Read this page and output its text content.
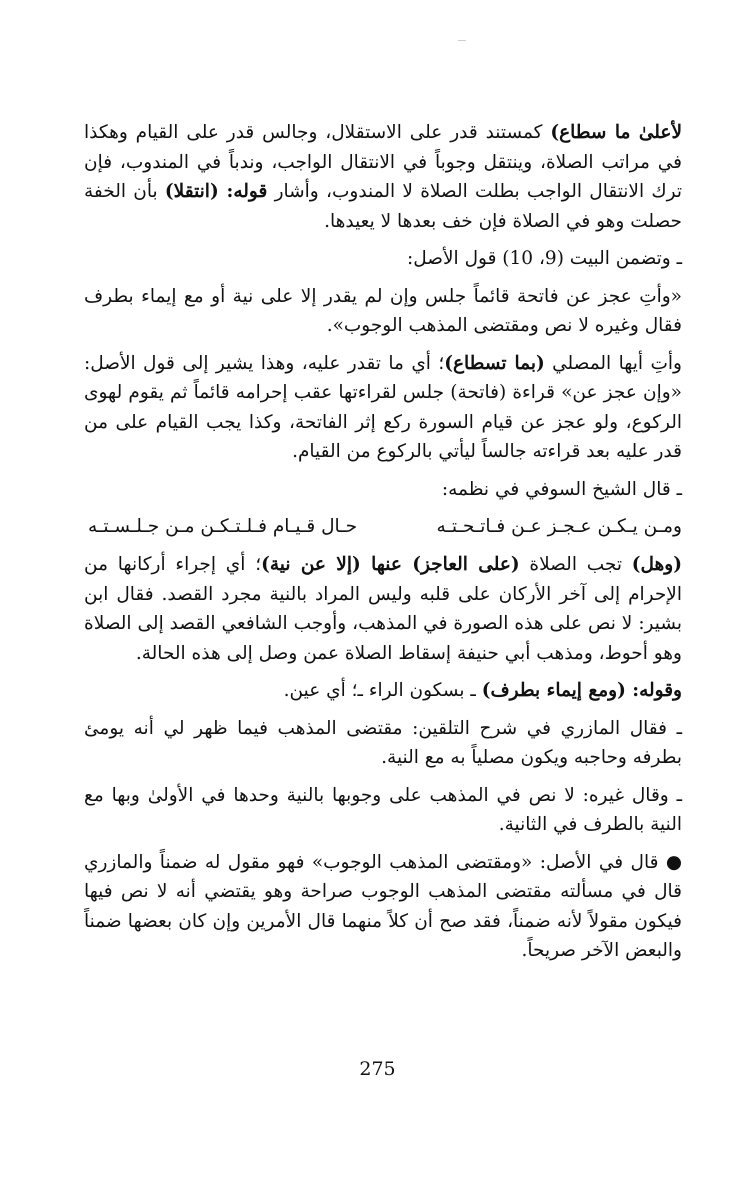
لأعلىٰ ما سطاع) كمستند قدر على الاستقلال، وجالس قدر على القيام وهكذا في مراتب الصلاة، وينتقل وجوباً في الانتقال الواجب، وندباً في المندوب، فإن ترك الانتقال الواجب بطلت الصلاة لا المندوب، وأشار قوله: (انتقلا) بأن الخفة حصلت وهو في الصلاة فإن خف بعدها لا يعيدها.

ـ وتضمن البيت (9، 10) قول الأصل:

«وأتِ عجز عن فاتحة قائماً جلس وإن لم يقدر إلا على نية أو مع إيماء بطرف فقال وغيره لا نص ومقتضى المذهب الوجوب».

وأتِ أيها المصلي (بما تسطاع)؛ أي ما تقدر عليه، وهذا يشير إلى قول الأصل: «وإن عجز عن» قراءة (فاتحة) جلس لقراءتها عقب إحرامه قائماً ثم يقوم لهوى الركوع، ولو عجز عن قيام السورة ركع إثر الفاتحة، وكذا يجب القيام على من قدر عليه بعد قراءته جالساً ليأتي بالركوع من القيام.

ـ قال الشيخ السوفي في نظمه:

ومـن يـكـن عـجـز عـن فـاتـحـتـه
حـال قـيـام فـلـتـكـن مـن جـلـسـتـه

(وهل) تجب الصلاة (على العاجز) عنها (إلا عن نية)؛ أي إجراء أركانها من الإحرام إلى آخر الأركان على قلبه وليس المراد بالنية مجرد القصد. فقال ابن بشير: لا نص على هذه الصورة في المذهب، وأوجب الشافعي القصد إلى الصلاة وهو أحوط، ومذهب أبي حنيفة إسقاط الصلاة عمن وصل إلى هذه الحالة.

وقوله: (ومع إيماء بطرف) ـ بسكون الراء ـ؛ أي عين.

ـ فقال المازري في شرح التلقين: مقتضى المذهب فيما ظهر لي أنه يومئ بطرفه وحاجبه ويكون مصلياً به مع النية.

ـ وقال غيره: لا نص في المذهب على وجوبها بالنية وحدها في الأولىٰ وبها مع النية بالطرف في الثانية.

● قال في الأصل: «ومقتضى المذهب الوجوب» فهو مقول له ضمناً والمازري قال في مسألته مقتضى المذهب الوجوب صراحة وهو يقتضي أنه لا نص فيها فيكون مقولاً لأنه ضمناً، فقد صح أن كلاً منهما قال الأمرين وإن كان بعضها ضمناً والبعض الآخر صريحاً.

275
